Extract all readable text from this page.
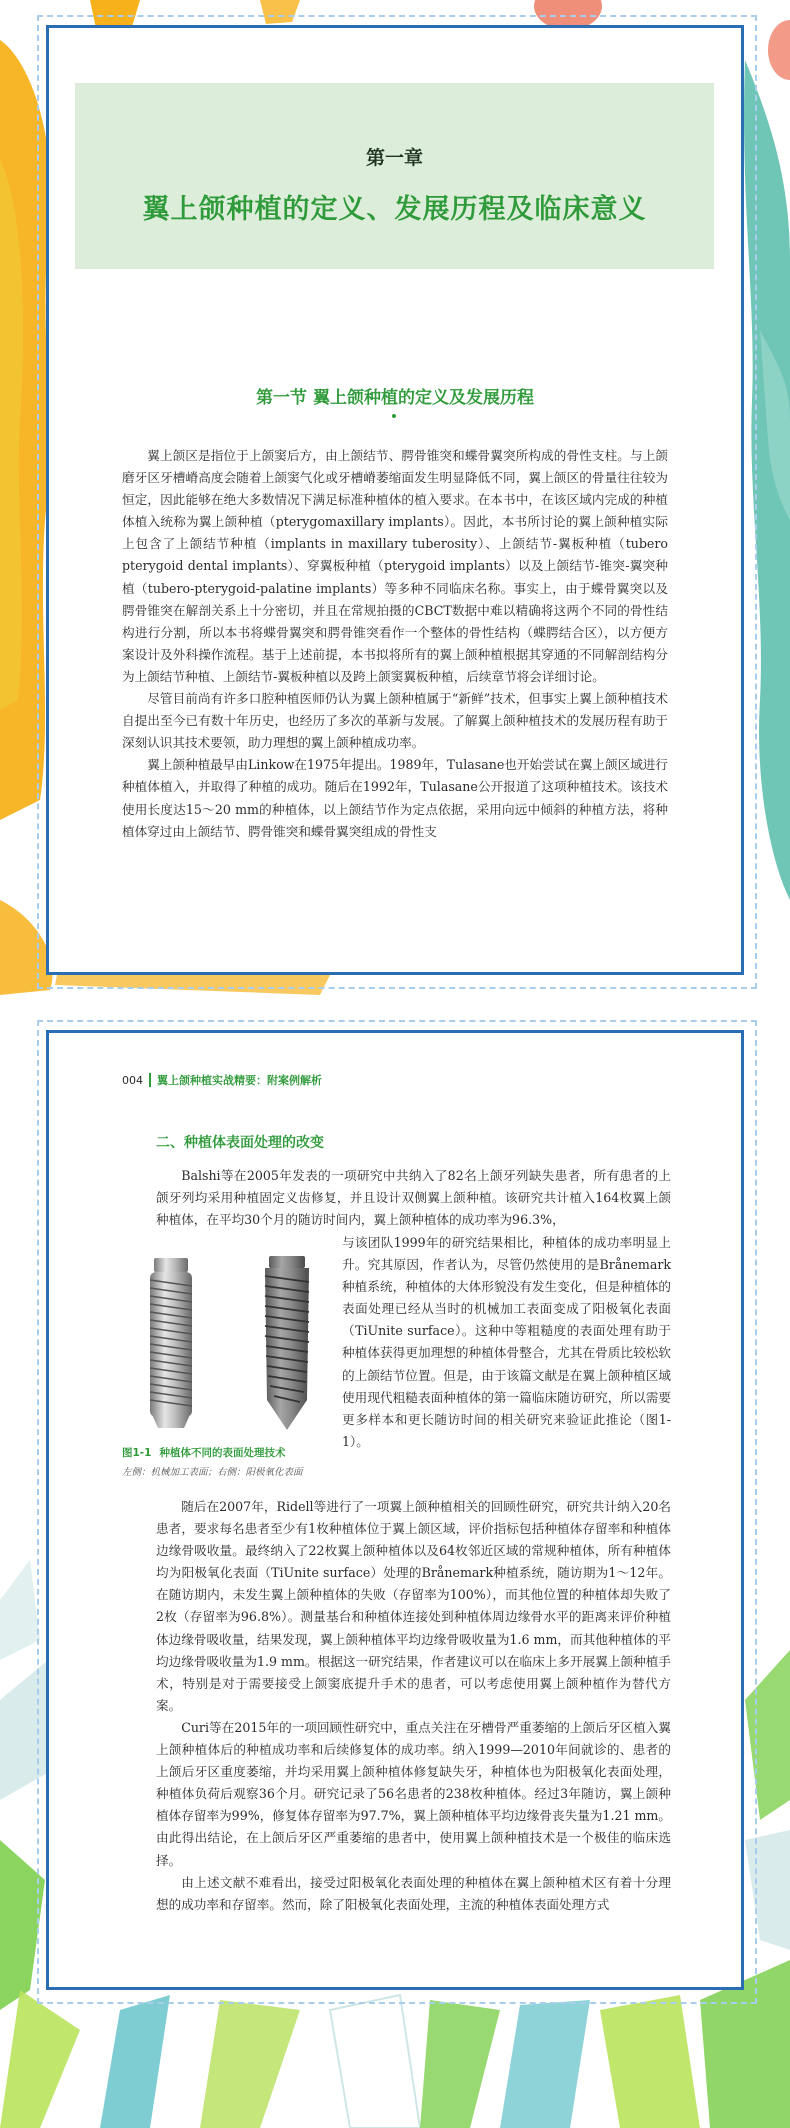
第一章
翼上颌种植的定义、发展历程及临床意义
第一节 翼上颌种植的定义及发展历程

翼上颌区是指位于上颌窦后方，由上颌结节、腭骨锥突和蝶骨翼突所构成的骨性支柱。与上颌磨牙区牙槽嵴高度会随着上颌窦气化或牙槽嵴萎缩面发生明显降低不同，翼上颌区的骨量往往较为恒定，因此能够在绝大多数情况下满足标准种植体的植入要求。在本书中，在该区域内完成的种植体植入统称为翼上颌种植（pterygomaxillary implants）。因此，本书所讨论的翼上颌种植实际上包含了上颌结节种植（implants in maxillary tuberosity）、上颌结节-翼板种植（tubero pterygoid dental implants）、穿翼板种植（pterygoid implants）以及上颌结节-锥突-翼突种植（tubero-pterygoid-palatine implants）等多种不同临床名称。事实上，由于蝶骨翼突以及腭骨锥突在解剖关系上十分密切，并且在常规拍摄的CBCT数据中难以精确将这两个不同的骨性结构进行分割，所以本书将蝶骨翼突和腭骨锥突看作一个整体的骨性结构（蝶腭结合区），以方便方案设计及外科操作流程。基于上述前提，本书拟将所有的翼上颌种植根据其穿通的不同解剖结构分为上颌结节种植、上颌结节-翼板种植以及跨上颌窦翼板种植，后续章节将会详细讨论。

尽管目前尚有许多口腔种植医师仍认为翼上颌种植属于“新鲜”技术，但事实上翼上颌种植技术自提出至今已有数十年历史，也经历了多次的革新与发展。了解翼上颌种植技术的发展历程有助于深刻认识其技术要领，助力理想的翼上颌种植成功率。

翼上颌种植最早由Linkow在1975年提出。1989年，Tulasane也开始尝试在翼上颌区域进行种植体植入，并取得了种植的成功。随后在1992年，Tulasane公开报道了这项种植技术。该技术使用长度达15～20 mm的种植体，以上颌结节作为定点依据，采用向远中倾斜的种植方法，将种植体穿过由上颌结节、腭骨锥突和蝶骨翼突组成的骨性支

004 翼上颌种植实战精要：附案例解析
二、种植体表面处理的改变

Balshi等在2005年发表的一项研究中共纳入了82名上颌牙列缺失患者，所有患者的上颌牙列均采用种植固定义齿修复，并且设计双侧翼上颌种植。该研究共计植入164枚翼上颌种植体，在平均30个月的随访时间内，翼上颌种植体的成功率为96.3%，

与该团队1999年的研究结果相比，种植体的成功率明显上升。究其原因，作者认为，尽管仍然使用的是Brånemark种植系统，种植体的大体形貌没有发生变化，但是种植体的表面处理已经从当时的机械加工表面变成了阳极氧化表面（TiUnite surface）。这种中等粗糙度的表面处理有助于种植体获得更加理想的种植体骨整合，尤其在骨质比较松软的上颌结节位置。但是，由于该篇文献是在翼上颌种植区域使用现代粗糙表面种植体的第一篇临床随访研究，所以需要更多样本和更长随访时间的相关研究来验证此推论（图1-1）。
图1-1 种植体不同的表面处理技术
左侧：机械加工表面；右侧：阳极氧化表面

随后在2007年，Ridell等进行了一项翼上颌种植相关的回顾性研究，研究共计纳入20名患者，要求每名患者至少有1枚种植体位于翼上颌区域，评价指标包括种植体存留率和种植体边缘骨吸收量。最终纳入了22枚翼上颌种植体以及64枚邻近区域的常规种植体，所有种植体均为阳极氧化表面（TiUnite surface）处理的Brånemark种植系统，随访期为1～12年。在随访期内，未发生翼上颌种植体的失败（存留率为100%），而其他位置的种植体却失败了2枚（存留率为96.8%）。测量基台和种植体连接处到种植体周边缘骨水平的距离来评价种植体边缘骨吸收量，结果发现，翼上颌种植体平均边缘骨吸收量为1.6 mm，而其他种植体的平均边缘骨吸收量为1.9 mm。根据这一研究结果，作者建议可以在临床上多开展翼上颌种植手术，特别是对于需要接受上颌窦底提升手术的患者，可以考虑使用翼上颌种植作为替代方案。

Curi等在2015年的一项回顾性研究中，重点关注在牙槽骨严重萎缩的上颌后牙区植入翼上颌种植体后的种植成功率和后续修复体的成功率。纳入1999—2010年间就诊的、患者的上颌后牙区重度萎缩，并均采用翼上颌种植体修复缺失牙，种植体也为阳极氧化表面处理，种植体负荷后观察36个月。研究记录了56名患者的238枚种植体。经过3年随访，翼上颌种植体存留率为99%，修复体存留率为97.7%，翼上颌种植体平均边缘骨丧失量为1.21 mm。由此得出结论，在上颌后牙区严重萎缩的患者中，使用翼上颌种植技术是一个极佳的临床选择。

由上述文献不难看出，接受过阳极氧化表面处理的种植体在翼上颌种植术区有着十分理想的成功率和存留率。然而，除了阳极氧化表面处理，主流的种植体表面处理方式
